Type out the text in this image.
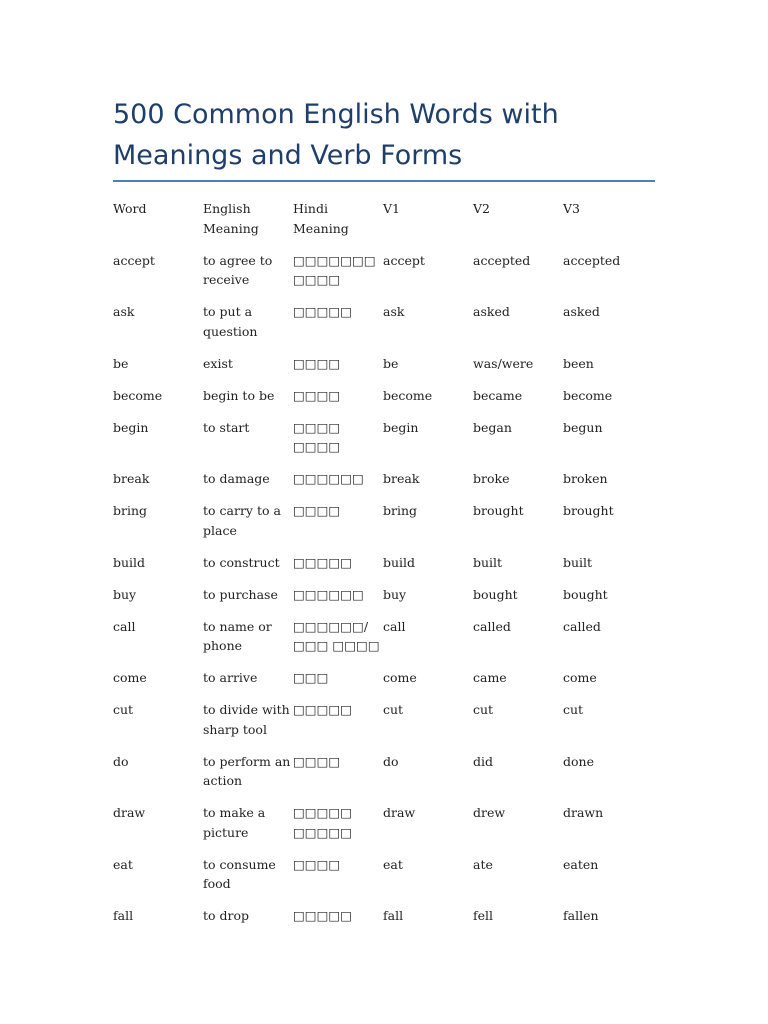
500 Common English Words with Meanings and Verb Forms
Word	English Meaning	Hindi Meaning	V1	V2	V3
accept	to agree to receive	□□□□□□□ □□□□	accept	accepted	accepted
ask	to put a question	□□□□□	ask	asked	asked
be	exist	□□□□	be	was/were	been
become	begin to be	□□□□	become	became	become
begin	to start	□□□□ □□□□	begin	began	begun
break	to damage	□□□□□□	break	broke	broken
bring	to carry to a place	□□□□	bring	brought	brought
build	to construct	□□□□□	build	built	built
buy	to purchase	□□□□□□	buy	bought	bought
call	to name or phone	□□□□□□/ □□□ □□□□	call	called	called
come	to arrive	□□□	come	came	come
cut	to divide with sharp tool	□□□□□	cut	cut	cut
do	to perform an action	□□□□	do	did	done
draw	to make a picture	□□□□□ □□□□□	draw	drew	drawn
eat	to consume food	□□□□	eat	ate	eaten
fall	to drop	□□□□□	fall	fell	fallen
